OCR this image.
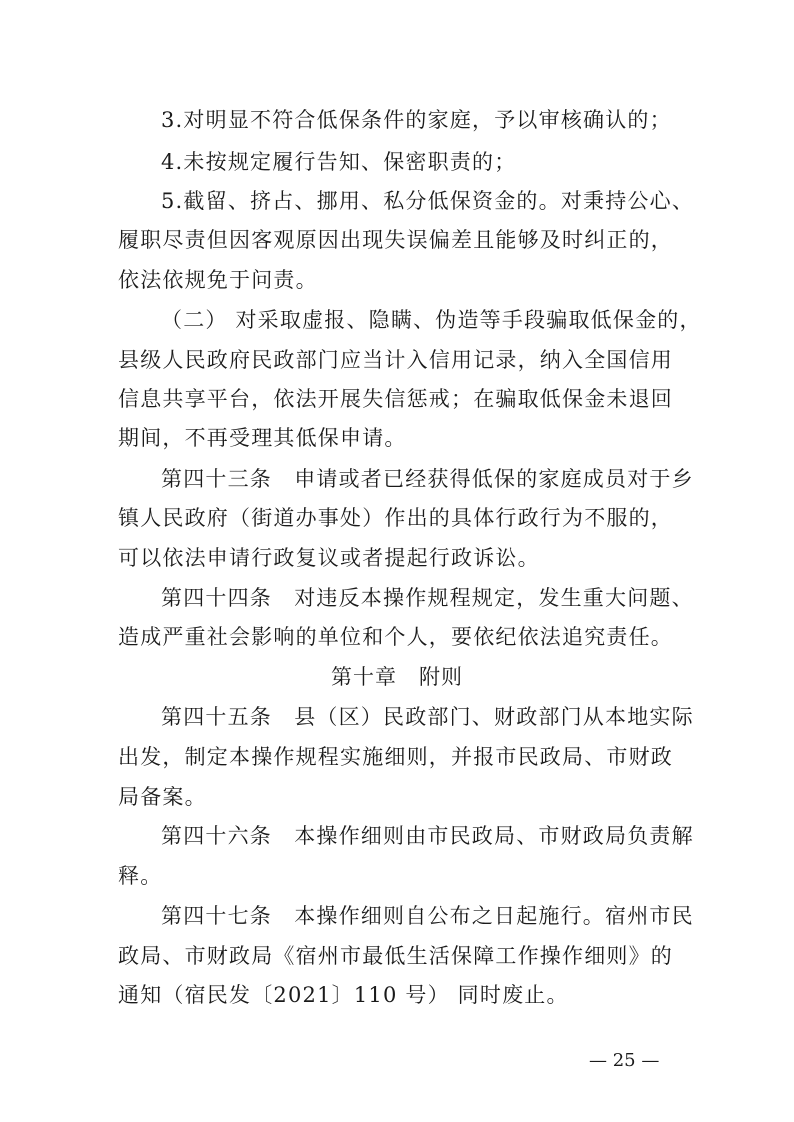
3.对明显不符合低保条件的家庭，予以审核确认的；
4.未按规定履行告知、保密职责的；
5.截留、挤占、挪用、私分低保资金的。对秉持公心、
履职尽责但因客观原因出现失误偏差且能够及时纠正的，
依法依规免于问责。
（二） 对采取虚报、隐瞒、伪造等手段骗取低保金的，
县级人民政府民政部门应当计入信用记录，纳入全国信用
信息共享平台，依法开展失信惩戒；在骗取低保金未退回
期间，不再受理其低保申请。
第四十三条　申请或者已经获得低保的家庭成员对于乡
镇人民政府（街道办事处）作出的具体行政行为不服的，
可以依法申请行政复议或者提起行政诉讼。
第四十四条　对违反本操作规程规定，发生重大问题、
造成严重社会影响的单位和个人，要依纪依法追究责任。
第十章　附则
第四十五条　县（区）民政部门、财政部门从本地实际
出发，制定本操作规程实施细则，并报市民政局、市财政
局备案。
第四十六条　本操作细则由市民政局、市财政局负责解
释。
第四十七条　本操作细则自公布之日起施行。宿州市民
政局、市财政局《宿州市最低生活保障工作操作细则》的
通知（宿民发〔2021〕110 号） 同时废止。
— 25 —
